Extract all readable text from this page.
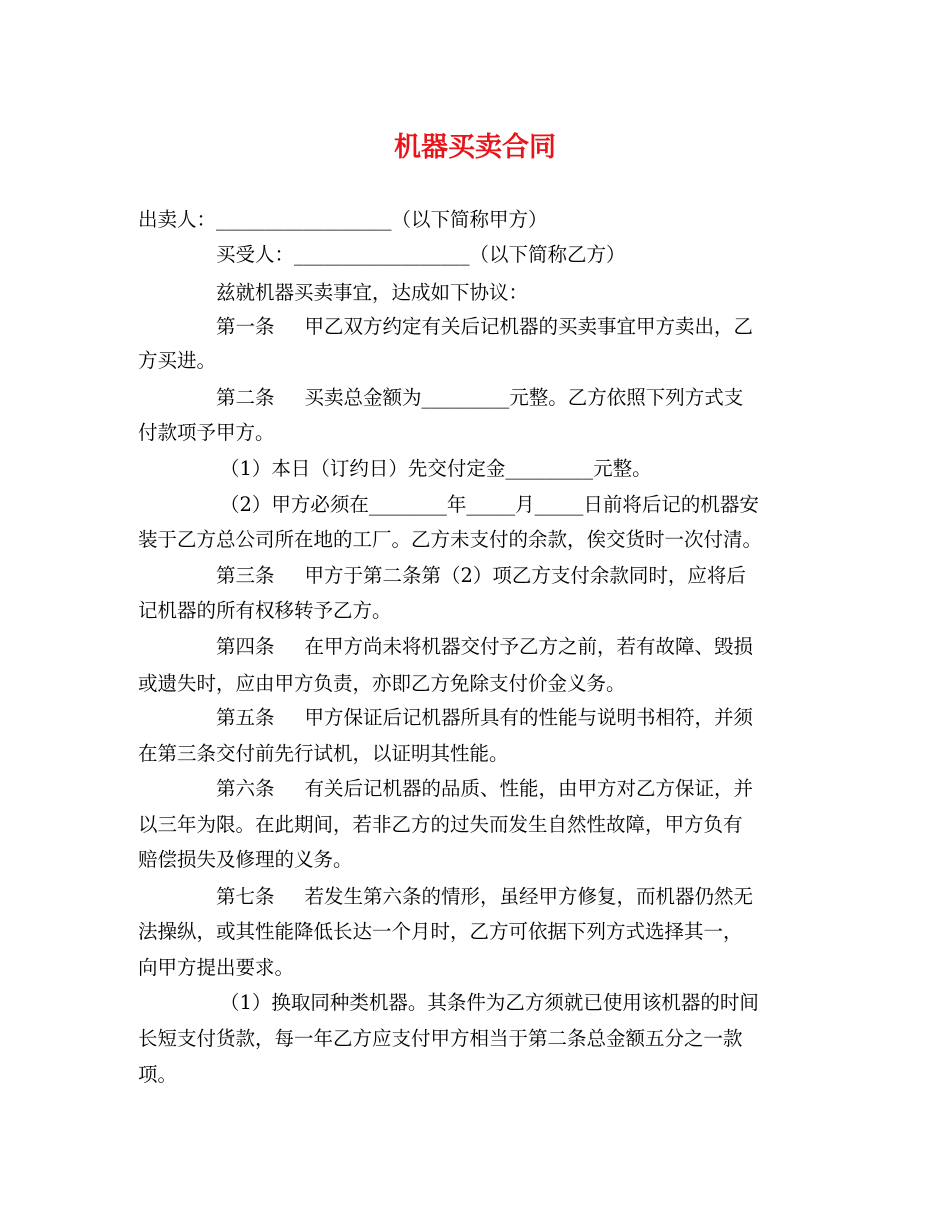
机器买卖合同
出卖人：__________________（以下简称甲方）
买受人：__________________（以下简称乙方）
兹就机器买卖事宜，达成如下协议：
第一条 甲乙双方约定有关后记机器的买卖事宜甲方卖出，乙
方买进。
第二条 买卖总金额为_________元整。乙方依照下列方式支
付款项予甲方。
（1）本日（订约日）先交付定金_________元整。
（2）甲方必须在________年_____月_____日前将后记的机器安
装于乙方总公司所在地的工厂。乙方未支付的余款，俟交货时一次付清。
第三条 甲方于第二条第（2）项乙方支付余款同时，应将后
记机器的所有权移转予乙方。
第四条 在甲方尚未将机器交付予乙方之前，若有故障、毁损
或遗失时，应由甲方负责，亦即乙方免除支付价金义务。
第五条 甲方保证后记机器所具有的性能与说明书相符，并须
在第三条交付前先行试机，以证明其性能。
第六条 有关后记机器的品质、性能，由甲方对乙方保证，并
以三年为限。在此期间，若非乙方的过失而发生自然性故障，甲方负有
赔偿损失及修理的义务。
第七条 若发生第六条的情形，虽经甲方修复，而机器仍然无
法操纵，或其性能降低长达一个月时，乙方可依据下列方式选择其一，
向甲方提出要求。
（1）换取同种类机器。其条件为乙方须就已使用该机器的时间
长短支付货款，每一年乙方应支付甲方相当于第二条总金额五分之一款
项。
